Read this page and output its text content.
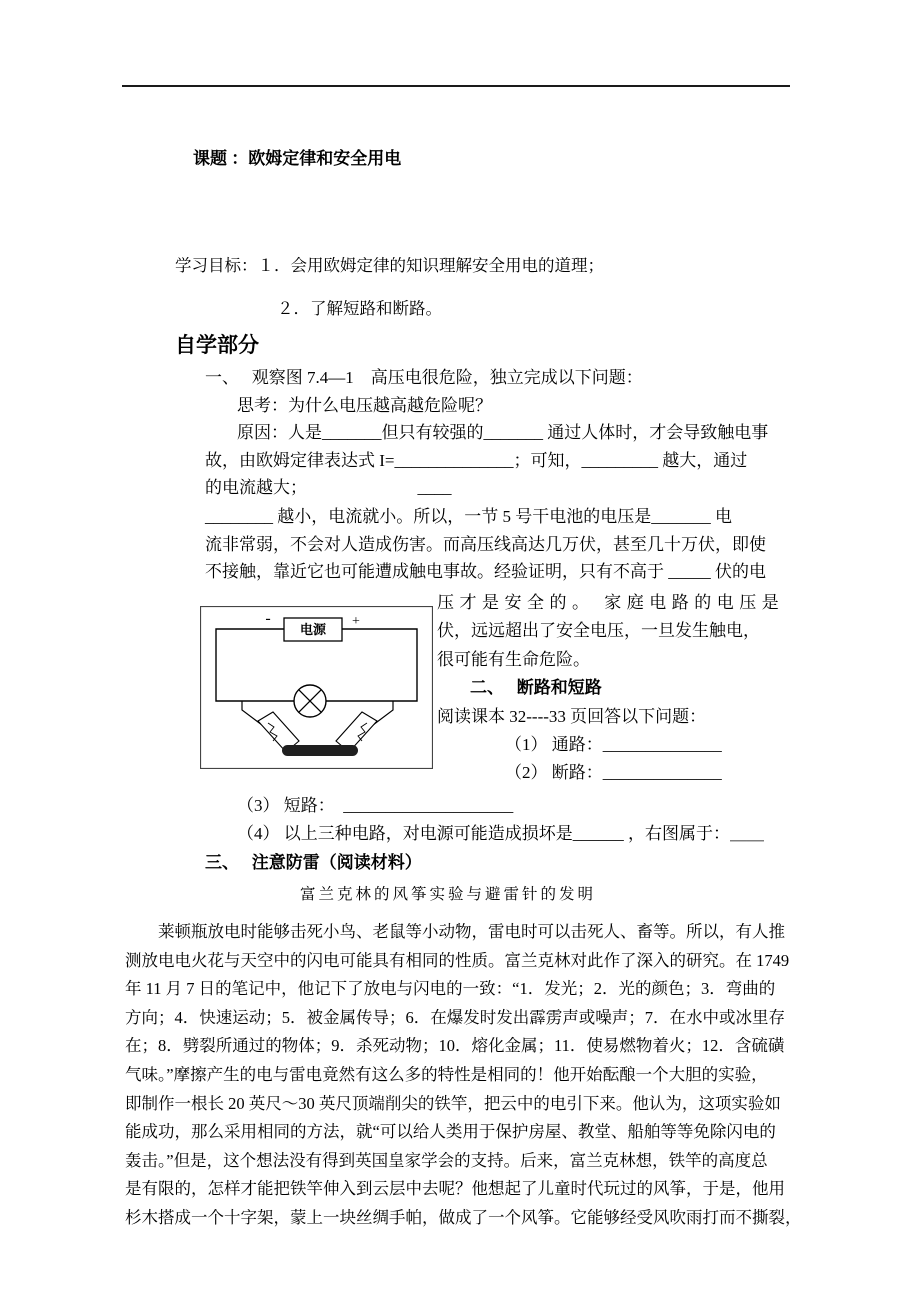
课题 ：欧姆定律和安全用电
学习目标：１．会用欧姆定律的知识理解安全用电的道理；
２．了解短路和断路。
自学部分
一、　 观察图 7.4—1　高压电很危险，独立完成以下问题：
思考：为什么电压越高越危险呢？
原因：人是_______但只有较强的_______ 通过人体时，才会导致触电事
故，由欧姆定律表达式 I=______________；可知，_________ 越大，通过
的电流越大；　　　　　　　____
________ 越小，电流就小。所以，一节 5 号干电池的电压是_______ 电
流非常弱，不会对人造成伤害。而高压线高达几万伏，甚至几十万伏，即使
不接触，靠近它也可能遭成触电事故。经验证明，只有不高于 _____ 伏的电
电源
-	+
压才是安全的。 家庭电路的电压是
伏，远远超出了安全电压，一旦发生触电，
很可能有生命危险。
二、　 断路和短路
阅读课本 32----33 页回答以下问题：
（1） 通路：______________
（2） 断路：______________
（3） 短路：　____________________
（4） 以上三种电路，对电源可能造成损坏是______ ，右图属于：＿＿
三、　 注意防雷（阅读材料）
富兰克林的风筝实验与避雷针的发明
莱顿瓶放电时能够击死小鸟、老鼠等小动物，雷电时可以击死人、畜等。所以，有人推
测放电电火花与天空中的闪电可能具有相同的性质。富兰克林对此作了深入的研究。在 1749
年 11 月 7 日的笔记中，他记下了放电与闪电的一致：“1．发光；2．光的颜色；3．弯曲的
方向；4．快速运动；5．被金属传导；6．在爆发时发出霹雳声或噪声；7．在水中或冰里存
在；8．劈裂所通过的物体；9．杀死动物；10．熔化金属；11．使易燃物着火；12．含硫磺
气味。”摩擦产生的电与雷电竟然有这么多的特性是相同的！他开始酝酿一个大胆的实验，
即制作一根长 20 英尺～30 英尺顶端削尖的铁竿，把云中的电引下来。他认为，这项实验如
能成功，那么采用相同的方法，就“可以给人类用于保护房屋、教堂、船舶等等免除闪电的
轰击。”但是，这个想法没有得到英国皇家学会的支持。后来，富兰克林想，铁竿的高度总
是有限的，怎样才能把铁竿伸入到云层中去呢？他想起了儿童时代玩过的风筝，于是，他用
杉木搭成一个十字架，蒙上一块丝绸手帕，做成了一个风筝。它能够经受风吹雨打而不撕裂，
